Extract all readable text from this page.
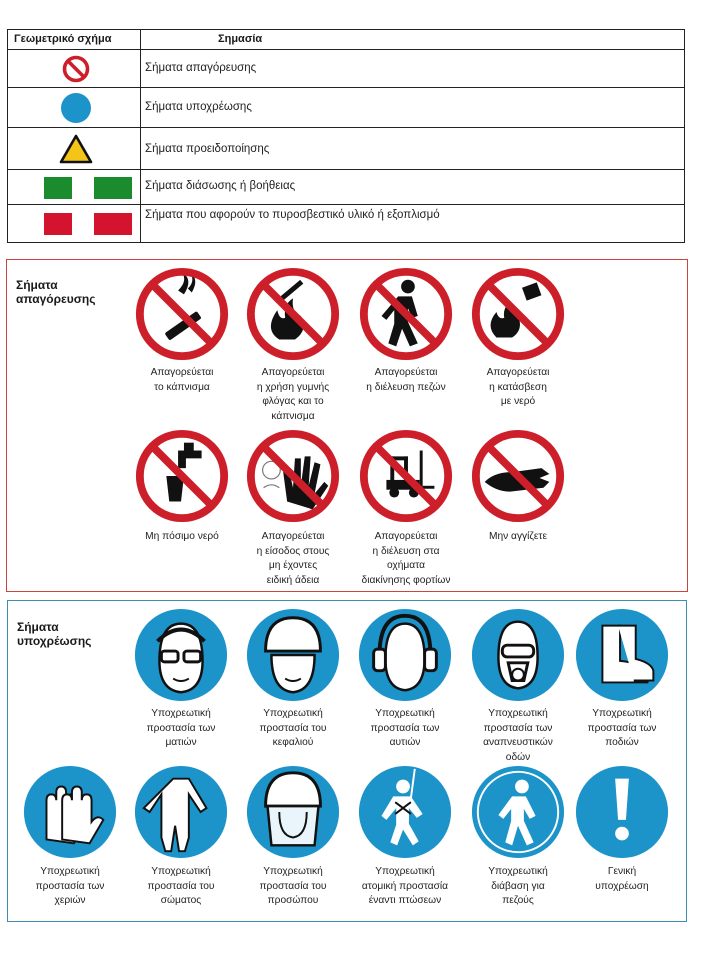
Γεωμετρικό σχήμα	Σημασία
Σήματα απαγόρευσης
Σήματα υποχρέωσης
Σήματα προειδοποίησης
Σήματα διάσωσης ή βοήθειας
Σήματα που αφορούν το πυροσβεστικό υλικό ή εξοπλισμό
Σήματα
απαγόρευσης
Απαγορεύεται
το κάπνισμα
Απαγορεύεται
η χρήση γυμνής
φλόγας και το
κάπνισμα
Απαγορεύεται
η διέλευση πεζών
Απαγορεύεται
η κατάσβεση
με νερό
Μη πόσιμο νερό	Απαγορεύεται
η είσοδος στους
μη έχοντες
ειδική άδεια
Απαγορεύεται
η διέλευση στα
οχήματα
διακίνησης φορτίων
Μην αγγίζετε
Σήματα
υποχρέωσης
Υποχρεωτική
προστασία των
ματιών
Υποχρεωτική
προστασία του
κεφαλιού
Υποχρεωτική
προστασία των
αυτιών
Υποχρεωτική
προστασία των
αναπνευστικών
οδών
Υποχρεωτική
προστασία των
ποδιών
Υποχρεωτική
προστασία των
χεριών
Υποχρεωτική
προστασία του
σώματος
Υποχρεωτική
προστασία του
προσώπου
Υποχρεωτική
ατομική προστασία
έναντι πτώσεων
Υποχρεωτική
διάβαση για
πεζούς
Γενική
υποχρέωση
